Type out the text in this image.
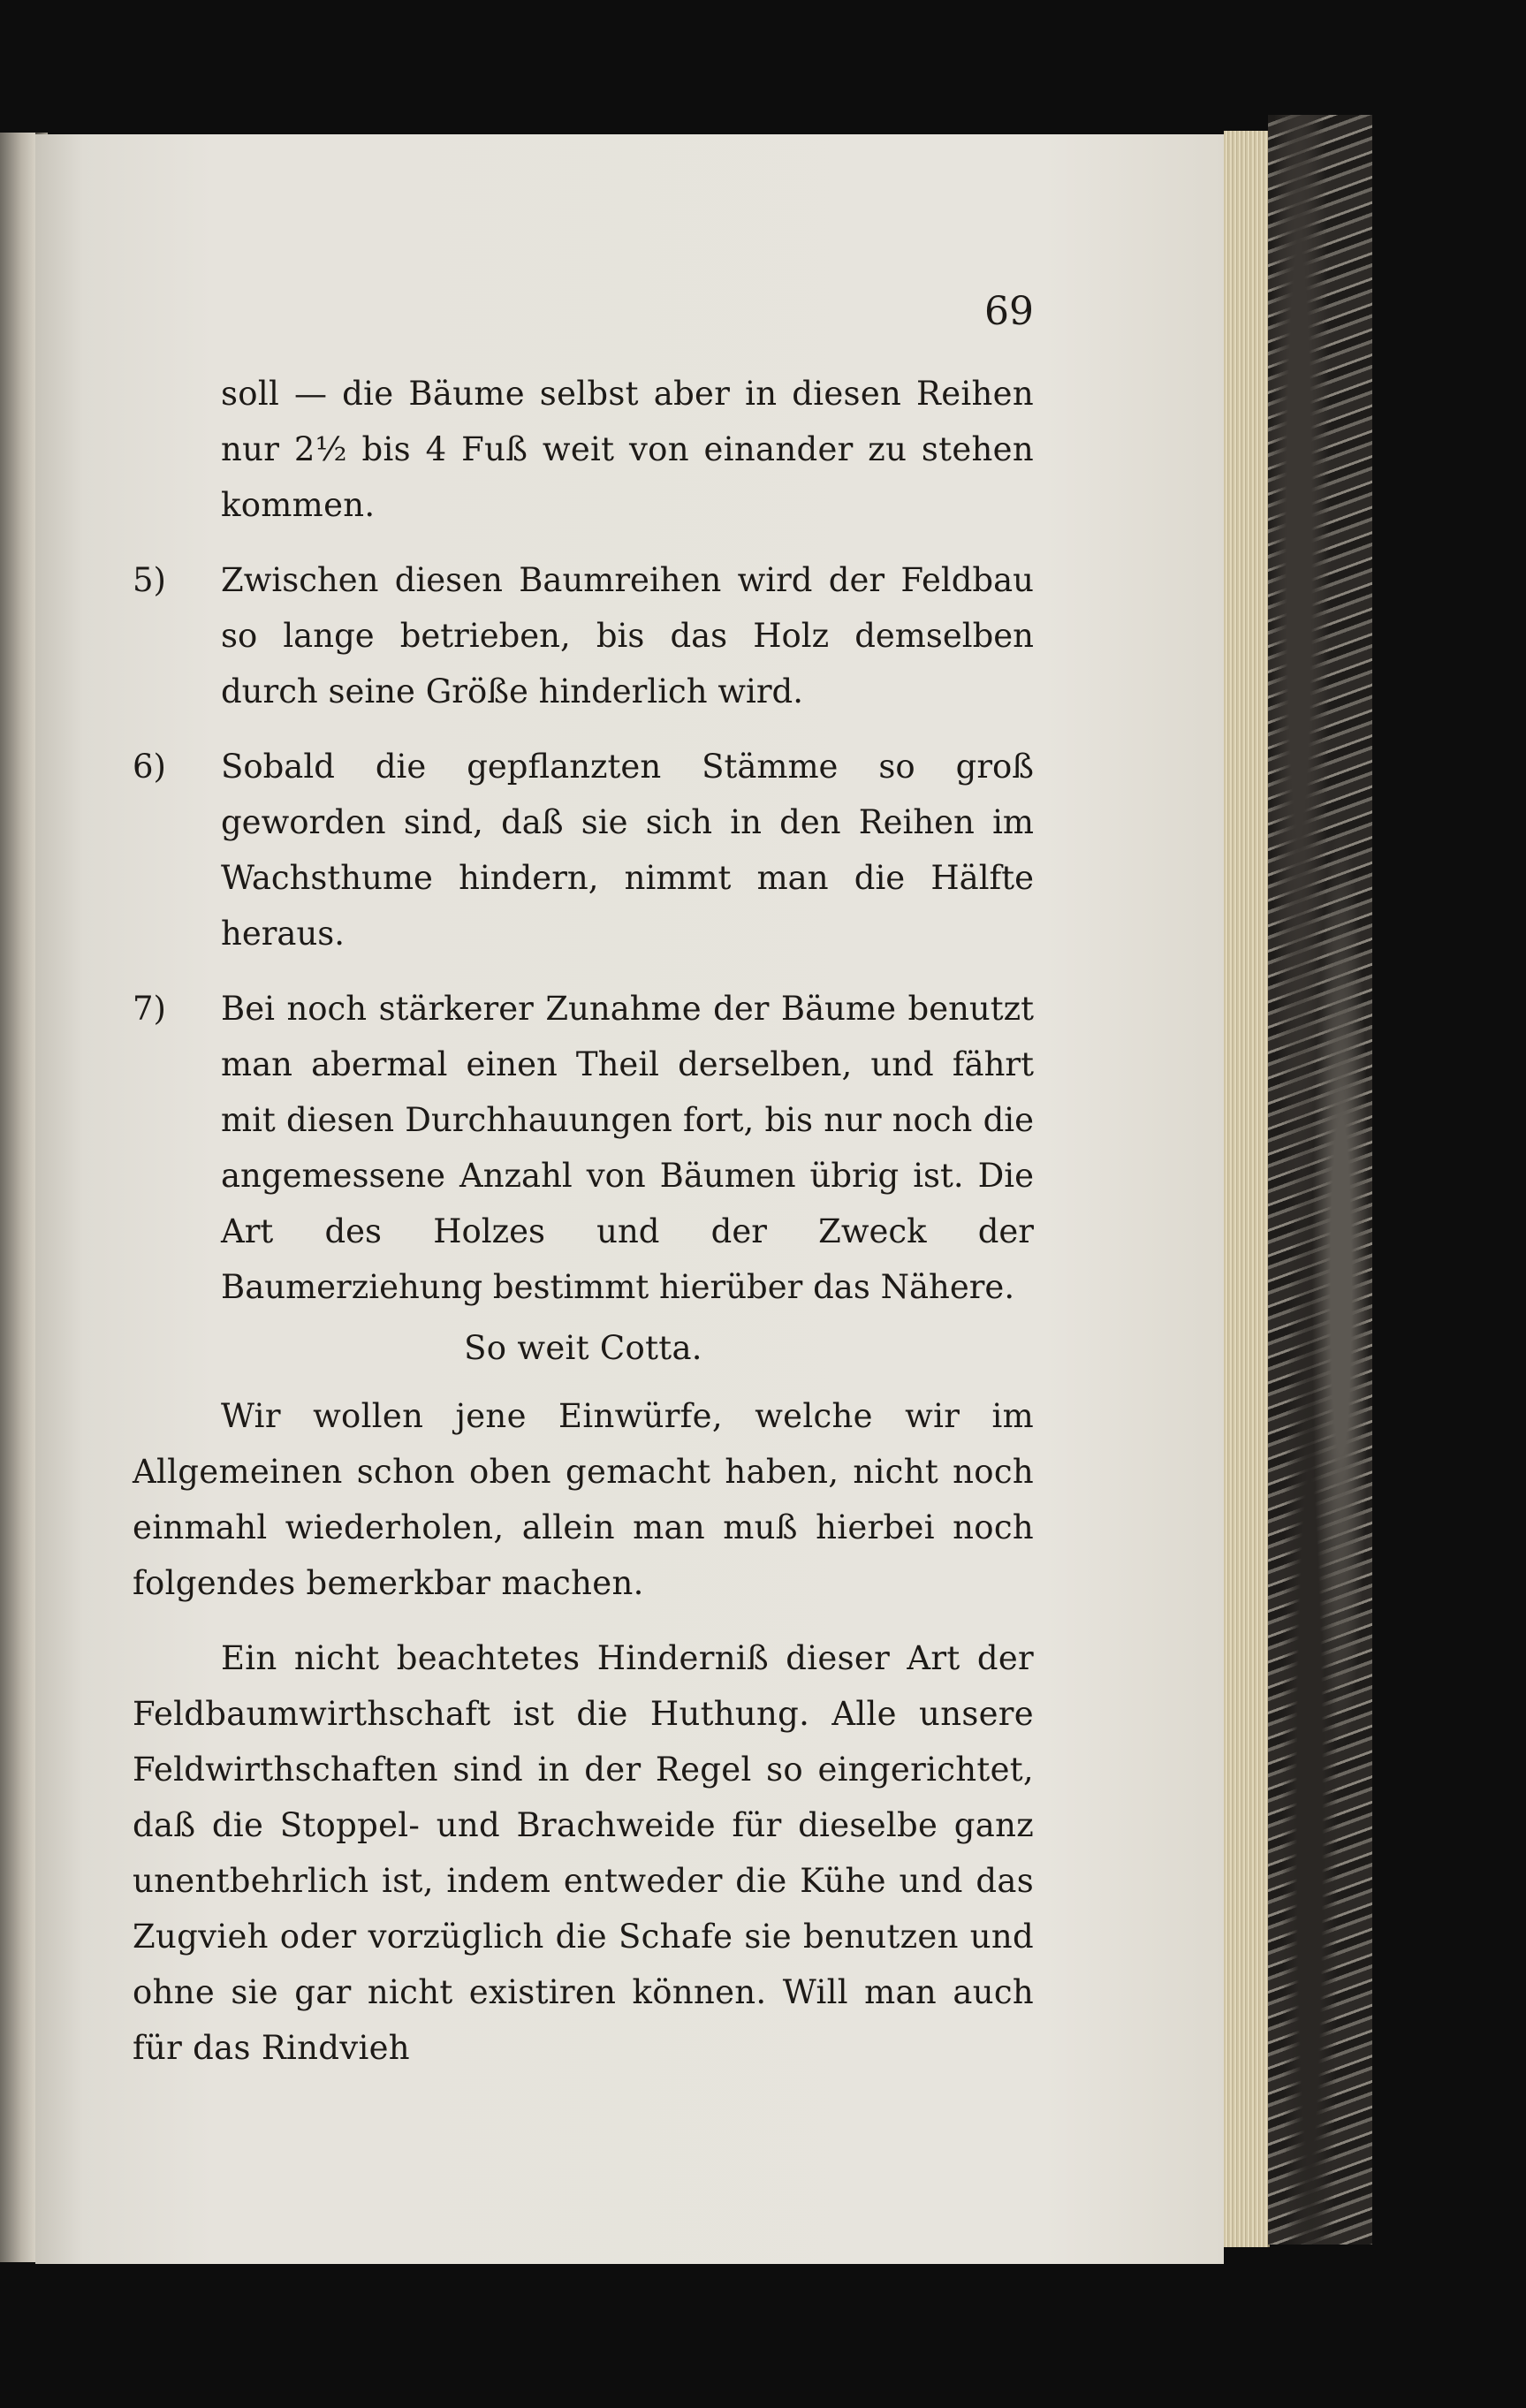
69

soll — die Bäume selbst aber in diesen Reihen nur 2½ bis 4 Fuß weit von einander zu stehen kommen.

5)	Zwischen diesen Baumreihen wird der Feldbau so lange betrieben, bis das Holz demselben durch seine Größe hinderlich wird.
6)	Sobald die gepflanzten Stämme so groß geworden sind, daß sie sich in den Reihen im Wachsthume hindern, nimmt man die Hälfte heraus.
7)	Bei noch stärkerer Zunahme der Bäume benutzt man abermal einen Theil derselben, und fährt mit diesen Durchhauungen fort, bis nur noch die angemessene Anzahl von Bäumen übrig ist. Die Art des Holzes und der Zweck der Baumerziehung bestimmt hierüber das Nähere.

So weit Cotta.

Wir wollen jene Einwürfe, welche wir im Allgemeinen schon oben gemacht haben, nicht noch einmahl wiederholen, allein man muß hierbei noch folgendes bemerkbar machen.

Ein nicht beachtetes Hinderniß dieser Art der Feldbaumwirthschaft ist die Huthung. Alle unsere Feldwirthschaften sind in der Regel so eingerichtet, daß die Stoppel- und Brachweide für dieselbe ganz unentbehrlich ist, indem entweder die Kühe und das Zugvieh oder vorzüglich die Schafe sie benutzen und ohne sie gar nicht existiren können. Will man auch für das Rindvieh
